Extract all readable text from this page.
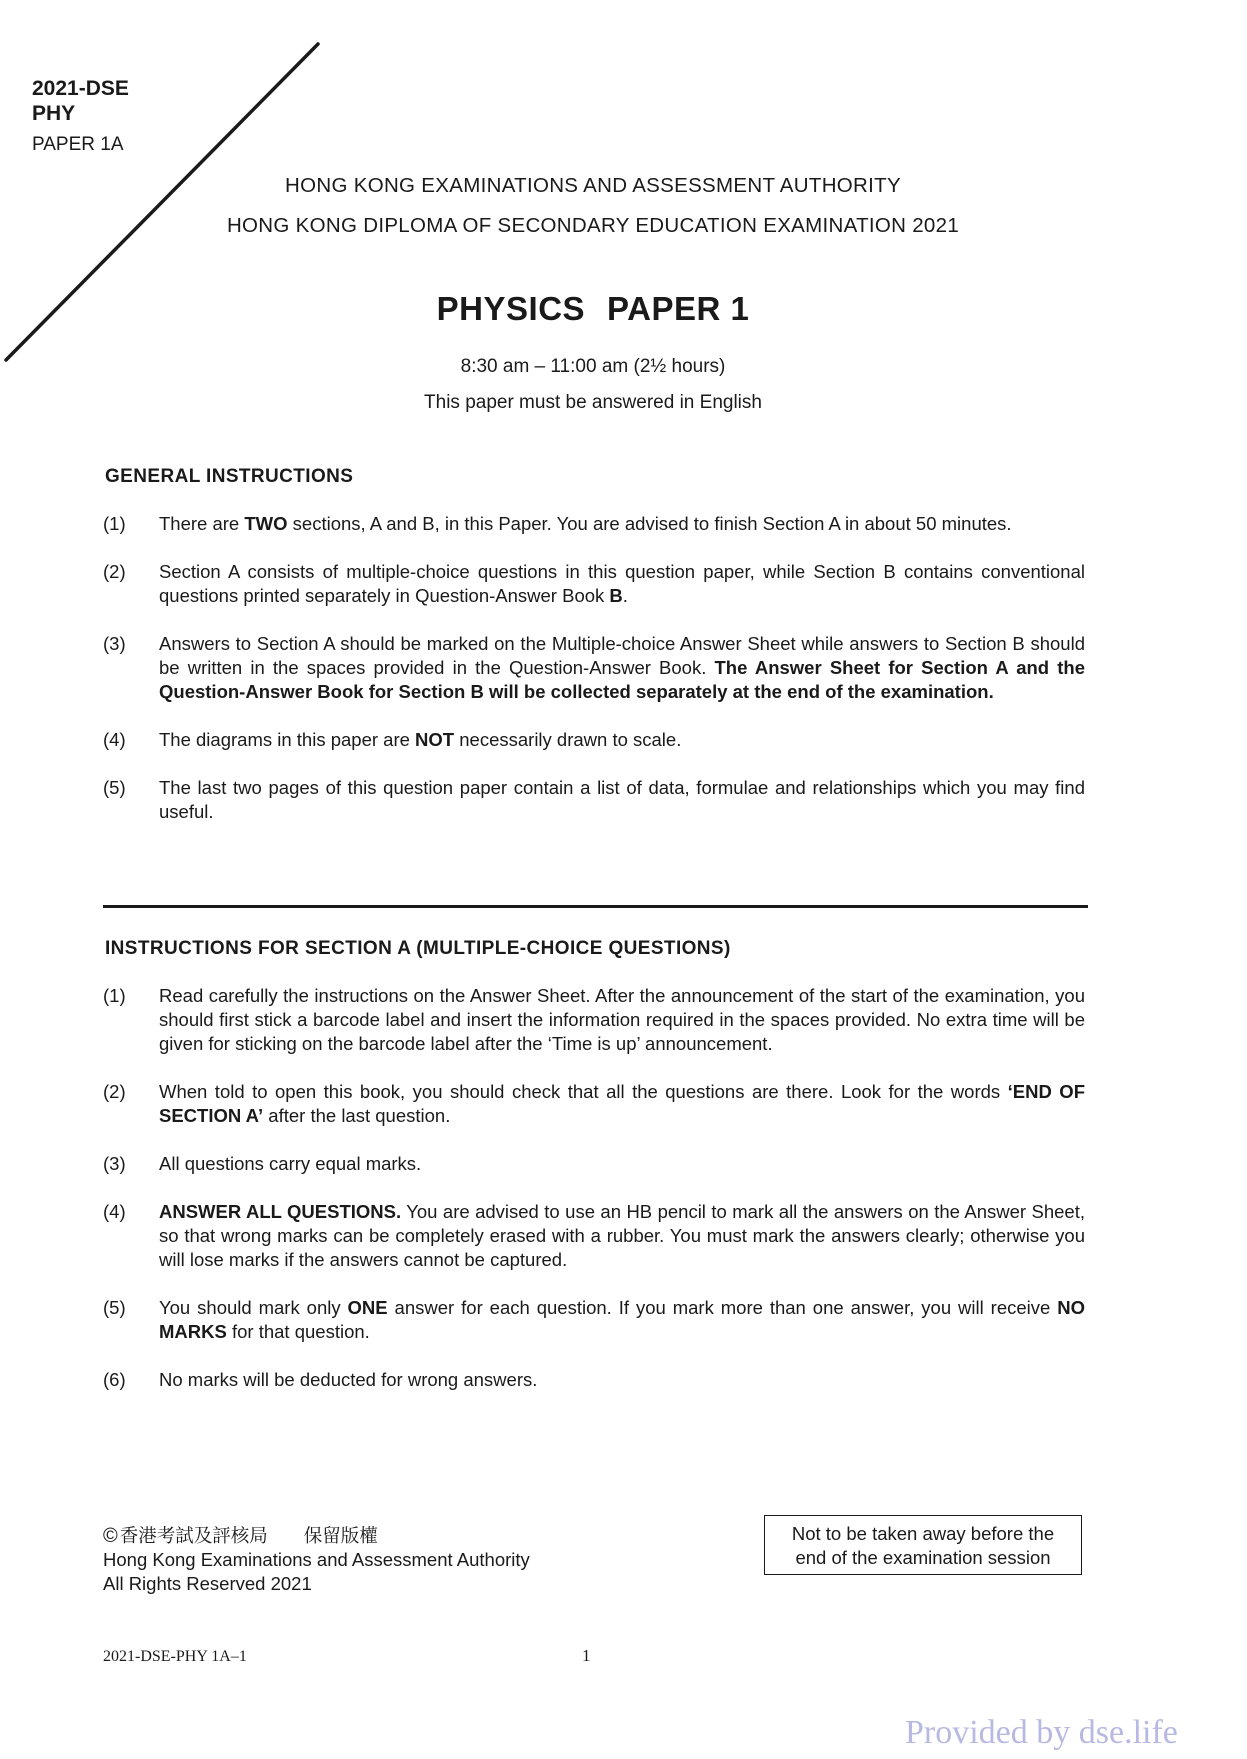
2021-DSE
PHY
PAPER 1A
HONG KONG EXAMINATIONS AND ASSESSMENT AUTHORITY
HONG KONG DIPLOMA OF SECONDARY EDUCATION EXAMINATION 2021
PHYSICS PAPER 1
8:30 am – 11:00 am (2½ hours)
This paper must be answered in English
GENERAL INSTRUCTIONS
(1)	There are TWO sections, A and B, in this Paper. You are advised to finish Section A in about 50 minutes.
(2)	Section A consists of multiple-choice questions in this question paper, while Section B contains conventional questions printed separately in Question-Answer Book B.
(3)	Answers to Section A should be marked on the Multiple-choice Answer Sheet while answers to Section B should be written in the spaces provided in the Question-Answer Book. The Answer Sheet for Section A and the Question-Answer Book for Section B will be collected separately at the end of the examination.
(4)	The diagrams in this paper are NOT necessarily drawn to scale.
(5)	The last two pages of this question paper contain a list of data, formulae and relationships which you may find useful.
INSTRUCTIONS FOR SECTION A (MULTIPLE-CHOICE QUESTIONS)
(1)	Read carefully the instructions on the Answer Sheet. After the announcement of the start of the examination, you should first stick a barcode label and insert the information required in the spaces provided. No extra time will be given for sticking on the barcode label after the ‘Time is up’ announcement.
(2)	When told to open this book, you should check that all the questions are there. Look for the words ‘END OF SECTION A’ after the last question.
(3)	All questions carry equal marks.
(4)	ANSWER ALL QUESTIONS. You are advised to use an HB pencil to mark all the answers on the Answer Sheet, so that wrong marks can be completely erased with a rubber. You must mark the answers clearly; otherwise you will lose marks if the answers cannot be captured.
(5)	You should mark only ONE answer for each question. If you mark more than one answer, you will receive NO MARKS for that question.
(6)	No marks will be deducted for wrong answers.
© 香港考試及評核局 保留版權
Hong Kong Examinations and Assessment Authority
All Rights Reserved 2021
Not to be taken away before the
end of the examination session
2021-DSE-PHY 1A–1	1
Provided by dse.life
